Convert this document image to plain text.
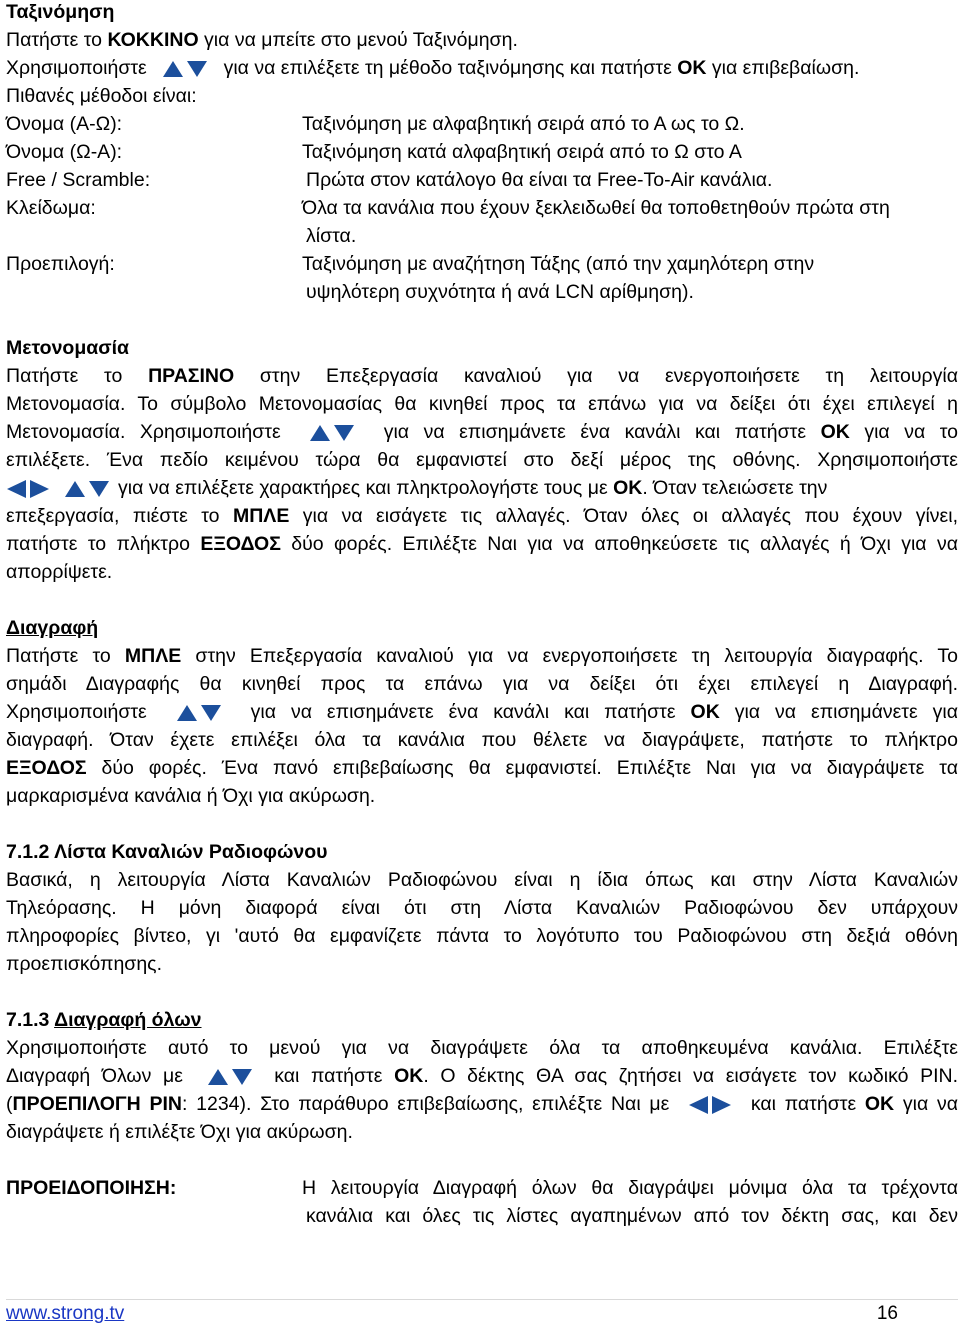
Ταξινόμηση
Πατήστε το ΚΟΚΚΙΝΟ για να μπείτε στο μενού Ταξινόμηση.
Χρησιμοποιήστε	για να επιλέξετε τη μέθοδο ταξινόμησης και πατήστε OK για επιβεβαίωση.
Πιθανές μέθοδοι είναι:
Όνομα (Α-Ω):	Ταξινόμηση με αλφαβητική σειρά από το Α ως το Ω.
Όνομα (Ω-Α):	Ταξινόμηση κατά αλφαβητική σειρά από το Ω στο Α
Free / Scramble:	Πρώτα στον κατάλογο θα είναι τα Free-To-Air κανάλια.
Κλείδωμα:	Όλα τα κανάλια που έχουν ξεκλειδωθεί θα τοποθετηθούν πρώτα στη
λίστα.
Προεπιλογή:	Ταξινόμηση με αναζήτηση Τάξης (από την χαμηλότερη στην
υψηλότερη συχνότητα ή ανά LCN αρίθμηση).
Μετονομασία
Πατήστε το ΠΡΑΣΙΝΟ στην Επεξεργασία καναλιού για να ενεργοποιήσετε τη λειτουργία
Μετονομασία. Το σύμβολο Μετονομασίας θα κινηθεί προς τα επάνω για να δείξει ότι έχει επιλεγεί η
Μετονομασία. Χρησιμοποιήστε	για να επισημάνετε ένα κανάλι και πατήστε OK για να το
επιλέξετε. Ένα πεδίο κειμένου τώρα θα εμφανιστεί στο δεξί μέρος της οθόνης. Χρησιμοποιήστε
για να επιλέξετε χαρακτήρες και πληκτρολογήστε τους με OK. Όταν τελειώσετε την
επεξεργασία, πιέστε το ΜΠΛΕ για να εισάγετε τις αλλαγές. Όταν όλες οι αλλαγές που έχουν γίνει,
πατήστε το πλήκτρο ΕΞΟΔΟΣ δύο φορές. Επιλέξτε Ναι για να αποθηκεύσετε τις αλλαγές ή Όχι για να
απορρίψετε.
Διαγραφή
Πατήστε το ΜΠΛΕ στην Επεξεργασία καναλιού για να ενεργοποιήσετε τη λειτουργία διαγραφής. Το
σημάδι Διαγραφής θα κινηθεί προς τα επάνω για να δείξει ότι έχει επιλεγεί η Διαγραφή.
Χρησιμοποιήστε	για να επισημάνετε ένα κανάλι και πατήστε OK για να επισημάνετε για
διαγραφή. Όταν έχετε επιλέξει όλα τα κανάλια που θέλετε να διαγράψετε, πατήστε το πλήκτρο
ΕΞΟΔΟΣ δύο φορές. Ένα πανό επιβεβαίωσης θα εμφανιστεί. Επιλέξτε Ναι για να διαγράψετε τα
μαρκαρισμένα κανάλια ή Όχι για ακύρωση.
7.1.2 Λίστα Καναλιών Ραδιοφώνου
Βασικά, η λειτουργία Λίστα Καναλιών Ραδιοφώνου είναι η ίδια όπως και στην Λίστα Καναλιών
Τηλεόρασης. Η μόνη διαφορά είναι ότι στη Λίστα Καναλιών Ραδιοφώνου δεν υπάρχουν
πληροφορίες βίντεο, γι 'αυτό θα εμφανίζετε πάντα το λογότυπο του Ραδιοφώνου στη δεξιά οθόνη
προεπισκόπησης.
7.1.3 Διαγραφή όλων
Χρησιμοποιήστε αυτό το μενού για να διαγράψετε όλα τα αποθηκευμένα κανάλια. Επιλέξτε
Διαγραφή Όλων με	και πατήστε OK. Ο δέκτης ΘΑ σας ζητήσει να εισάγετε τον κωδικό PIN.
(ΠΡΟΕΠΙΛΟΓΗ PIN: 1234). Στο παράθυρο επιβεβαίωσης, επιλέξτε Ναι με	και πατήστε OK για να
διαγράψετε ή επιλέξτε Όχι για ακύρωση.
ΠΡΟΕΙΔΟΠΟΙΗΣΗ:	Η λειτουργία Διαγραφή όλων θα διαγράψει μόνιμα όλα τα τρέχοντα
κανάλια και όλες τις λίστες αγαπημένων από τον δέκτη σας, και δεν
www.strong.tv	16
